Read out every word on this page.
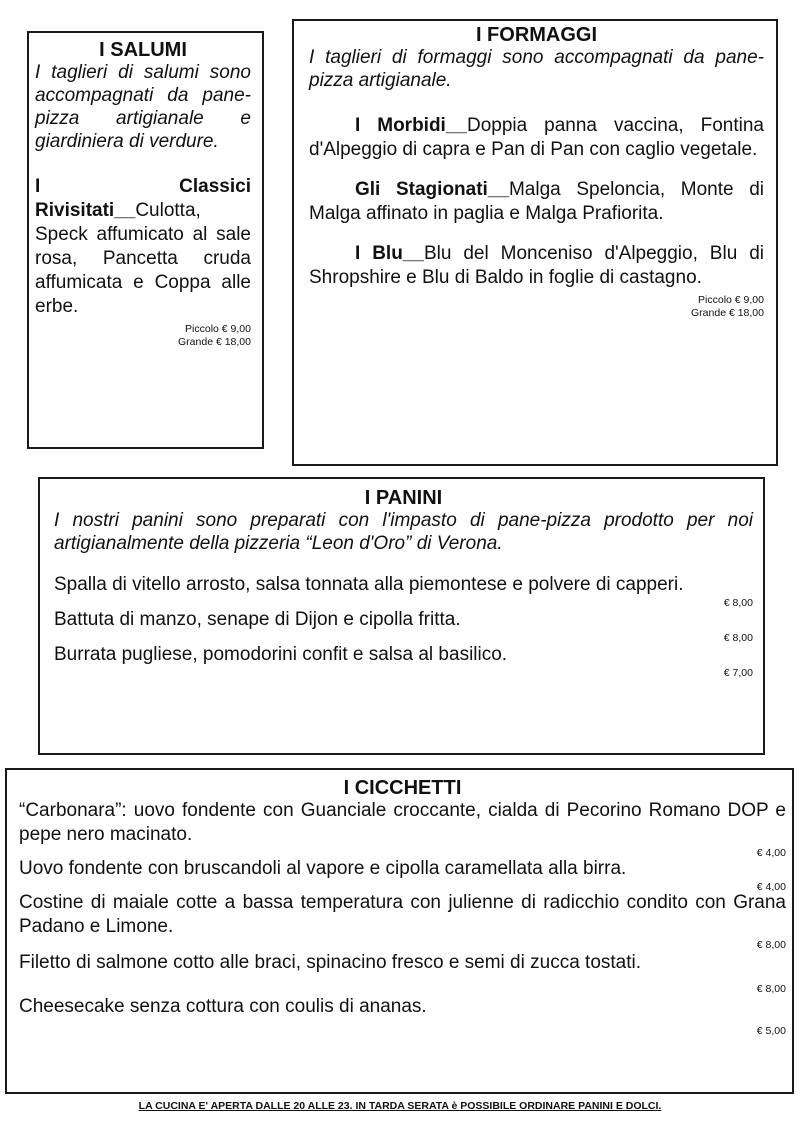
I SALUMI
I taglieri di salumi sono accompagnati da pane-pizza artigianale e giardiniera di verdure.
I Classici Rivisitati__Culotta, Speck affumicato al sale rosa, Pancetta cruda affumicata e Coppa alle erbe.
Piccolo € 9,00
Grande € 18,00
I FORMAGGI
I taglieri di formaggi sono accompagnati da pane-pizza artigianale.
I Morbidi__Doppia panna vaccina, Fontina d'Alpeggio di capra e Pan di Pan con caglio vegetale.
Gli Stagionati__Malga Speloncia, Monte di Malga affinato in paglia e Malga Prafiorita.
I Blu__Blu del Monceniso d'Alpeggio, Blu di Shropshire e Blu di Baldo in foglie di castagno.
Piccolo € 9,00
Grande € 18,00
I PANINI
I nostri panini sono preparati con l'impasto di pane-pizza prodotto per noi artigianalmente della pizzeria “Leon d'Oro” di Verona.
Spalla di vitello arrosto, salsa tonnata alla piemontese e polvere di capperi.
€ 8,00
Battuta di manzo, senape di Dijon e cipolla fritta.
€ 8,00
Burrata pugliese, pomodorini confit e salsa al basilico.
€ 7,00
I CICCHETTI
“Carbonara”: uovo fondente con Guanciale croccante, cialda di Pecorino Romano DOP e pepe nero macinato.
€ 4,00
Uovo fondente con bruscandoli al vapore e cipolla caramellata alla birra.
€ 4,00
Costine di maiale cotte a bassa temperatura con julienne di radicchio condito con Grana Padano e Limone.
€ 8,00
Filetto di salmone cotto alle braci, spinacino fresco e semi di zucca tostati.
€ 8,00
Cheesecake senza cottura con coulis di ananas.
€ 5,00
LA CUCINA E' APERTA DALLE 20 ALLE 23. IN TARDA SERATA è POSSIBILE ORDINARE PANINI E DOLCI.
